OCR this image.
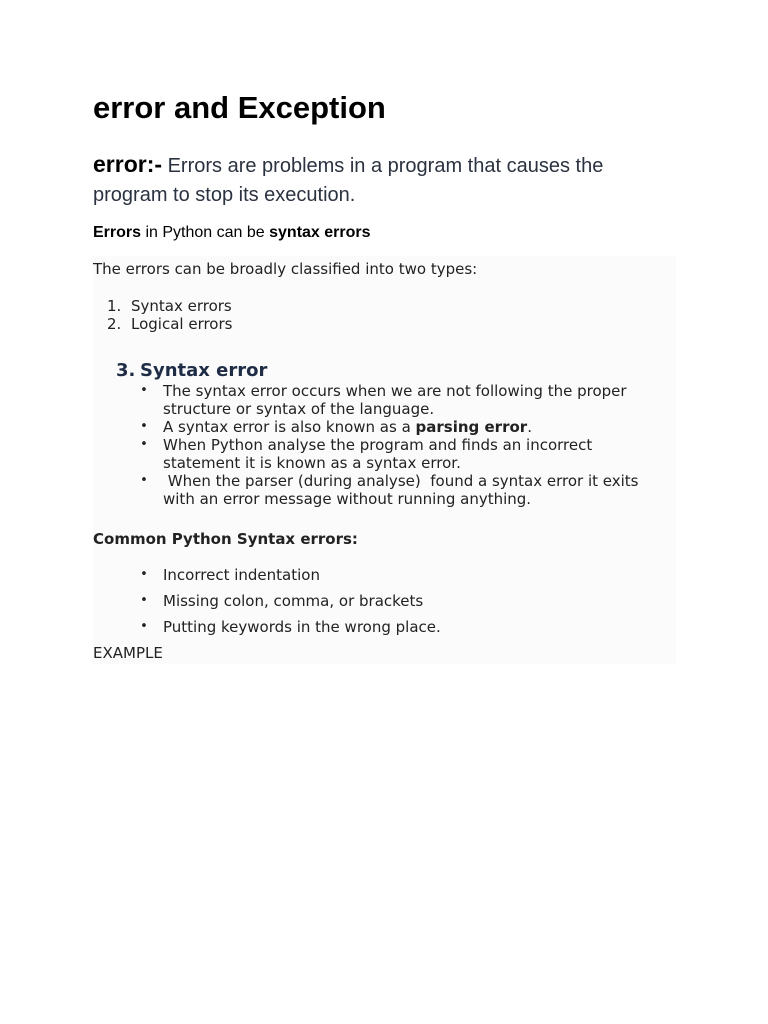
error and Exception

error:- Errors are problems in a program that causes the program to stop its execution.

Errors in Python can be syntax errors

The errors can be broadly classified into two types:

1. Syntax errors
2. Logical errors
3. Syntax error
• The syntax error occurs when we are not following the proper structure or syntax of the language.
• A syntax error is also known as a parsing error.
• When Python analyse the program and finds an incorrect statement it is known as a syntax error.
• When the parser (during analyse)  found a syntax error it exits with an error message without running anything.

Common Python Syntax errors:

• Incorrect indentation
• Missing colon, comma, or brackets
• Putting keywords in the wrong place.

EXAMPLE
